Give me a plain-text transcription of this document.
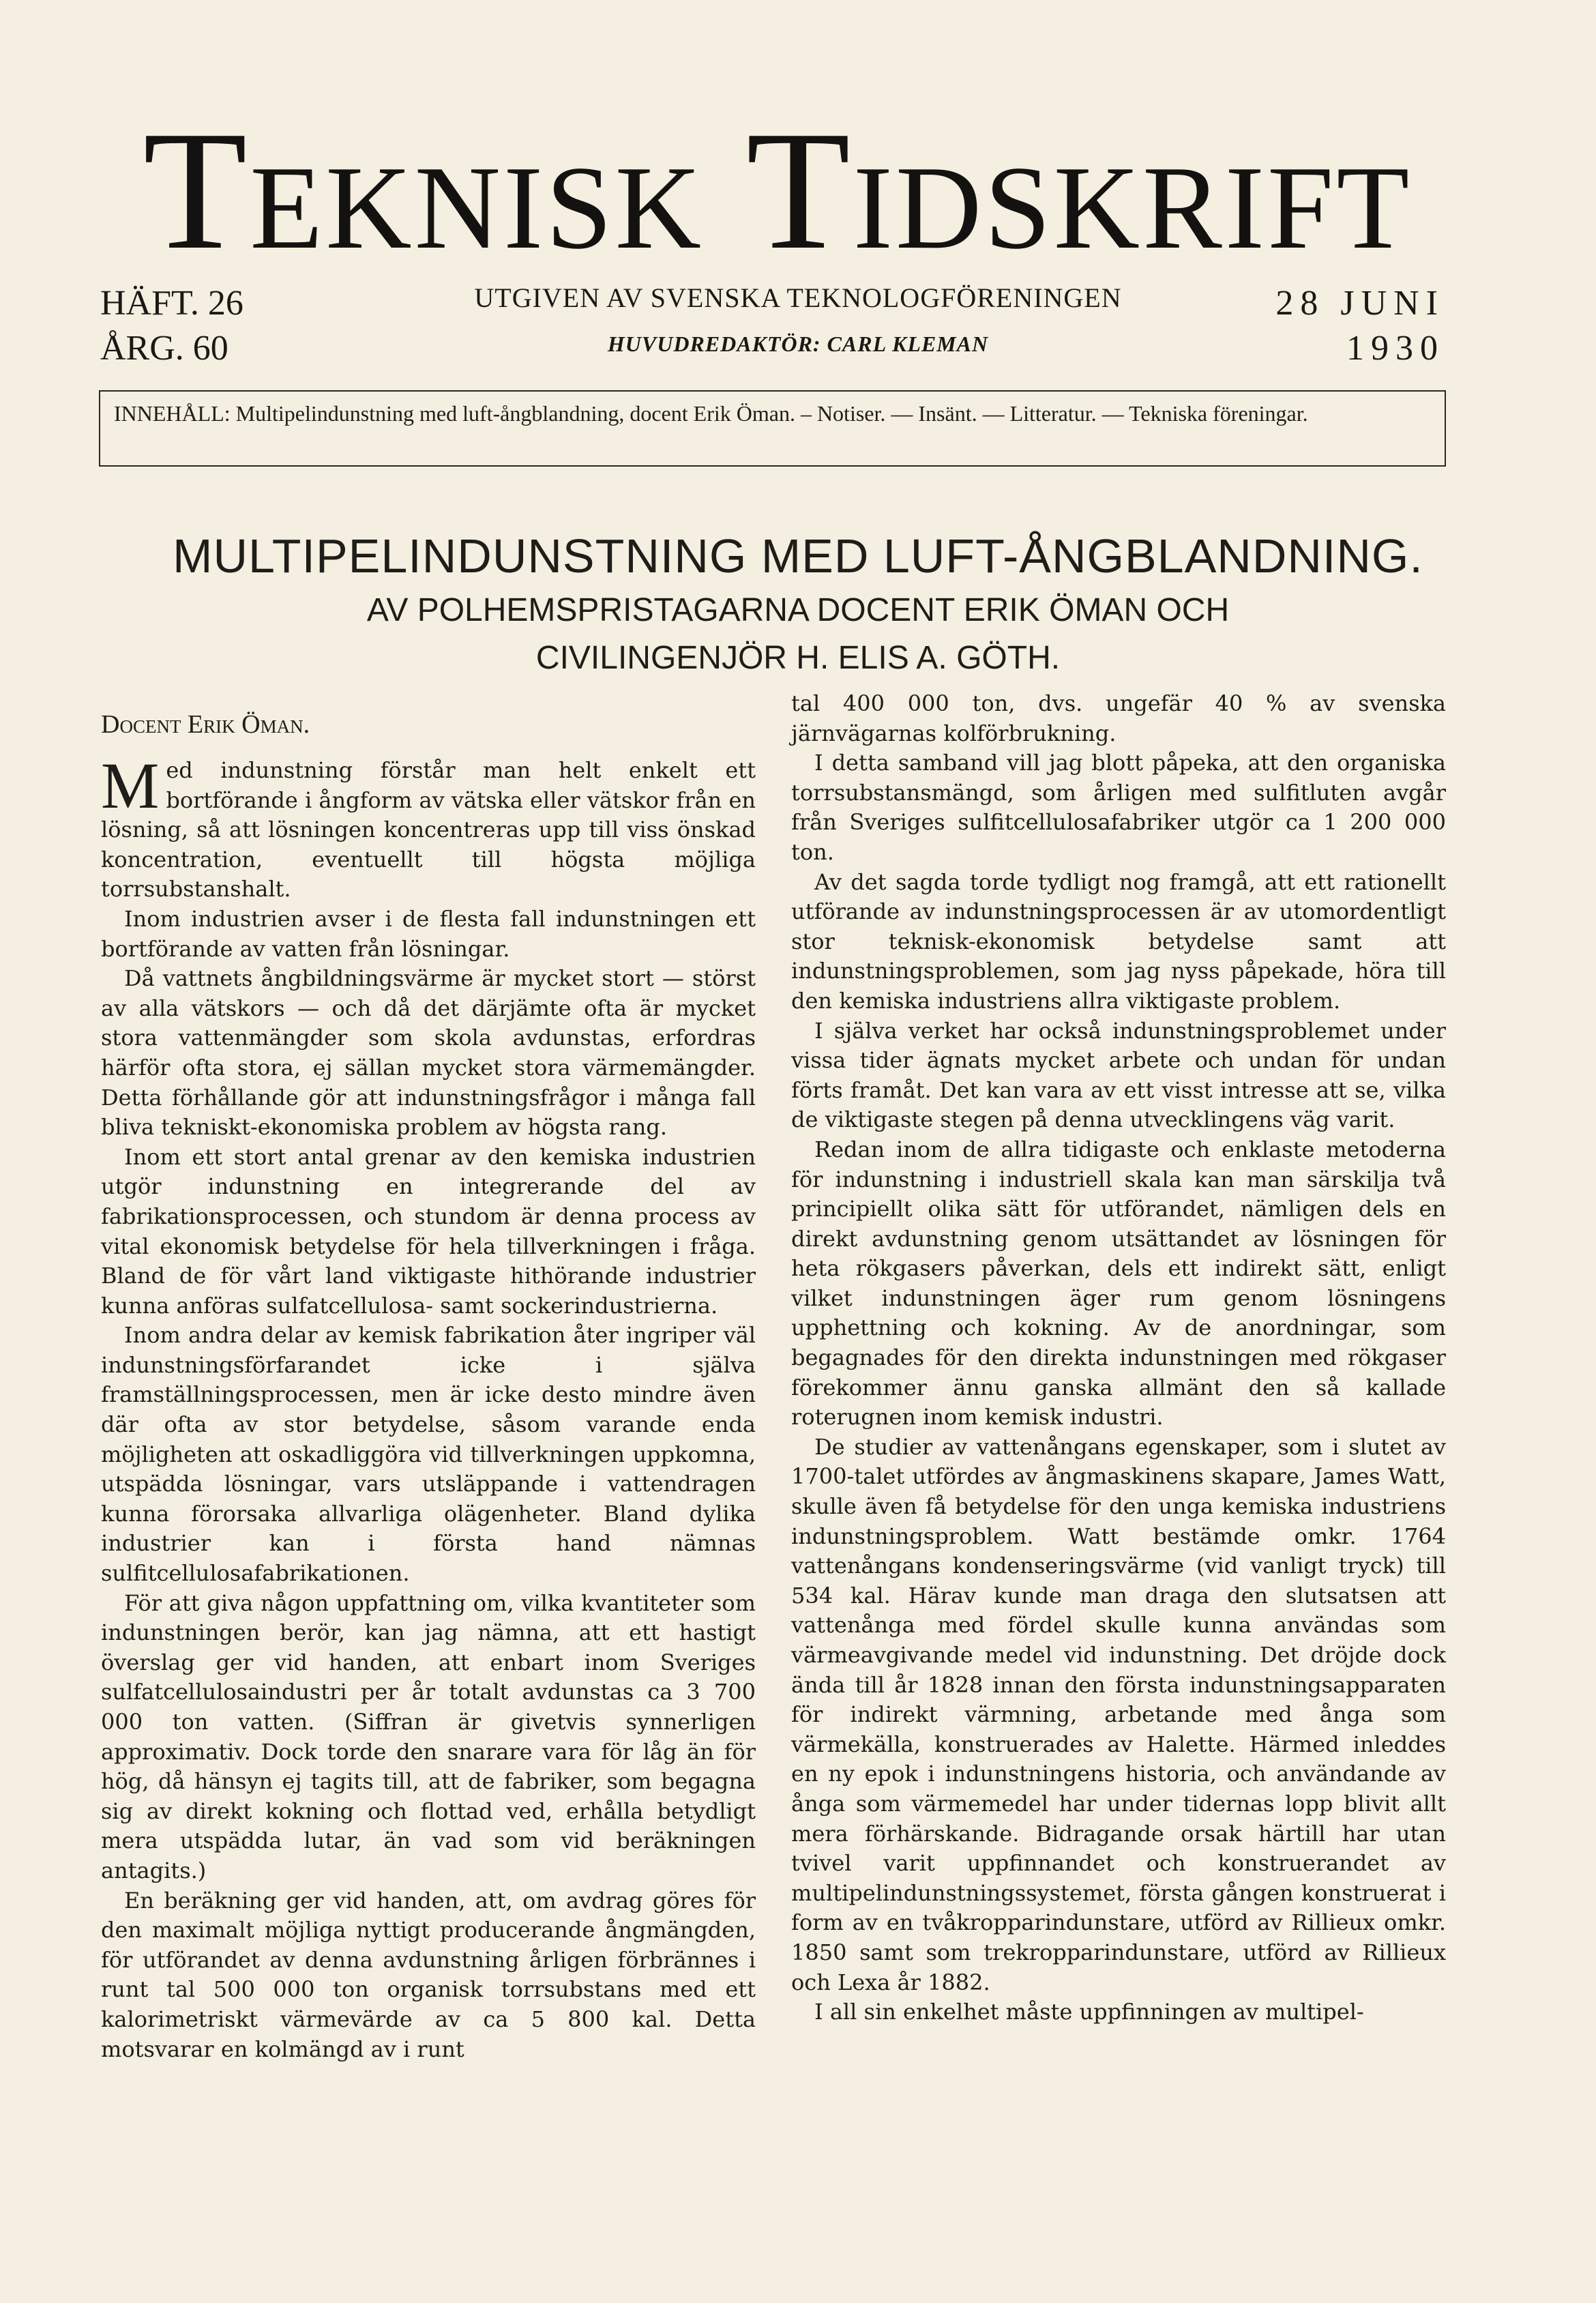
Teknisk Tidskrift
HÄFT. 26
ÅRG. 60
UTGIVEN AV SVENSKA TEKNOLOGFÖRENINGEN
HUVUDREDAKTÖR: CARL KLEMAN
28 JUNI
1930
INNEHÅLL: Multipelindunstning med luft-ångblandning, docent Erik Öman. – Notiser. — Insänt. — Litteratur. — Tekniska föreningar.
MULTIPELINDUNSTNING MED LUFT-ÅNGBLANDNING.
AV POLHEMSPRISTAGARNA DOCENT ERIK ÖMAN OCH
CIVILINGENJÖR H. ELIS A. GÖTH.
Docent Erik Öman.

Med indunstning förstår man helt enkelt ett bortförande i ångform av vätska eller vätskor från en lösning, så att lösningen koncentreras upp till viss önskad koncentration, eventuellt till högsta möjliga torrsubstanshalt.

Inom industrien avser i de flesta fall indunstningen ett bortförande av vatten från lösningar.

Då vattnets ångbildningsvärme är mycket stort — störst av alla vätskors — och då det därjämte ofta är mycket stora vattenmängder som skola avdunstas, erfordras härför ofta stora, ej sällan mycket stora värmemängder. Detta förhållande gör att indunstningsfrågor i många fall bliva tekniskt-ekonomiska problem av högsta rang.

Inom ett stort antal grenar av den kemiska industrien utgör indunstning en integrerande del av fabrikationsprocessen, och stundom är denna process av vital ekonomisk betydelse för hela tillverkningen i fråga. Bland de för vårt land viktigaste hithörande industrier kunna anföras sulfatcellulosa- samt sockerindustrierna.

Inom andra delar av kemisk fabrikation åter ingriper väl indunstningsförfarandet icke i själva framställningsprocessen, men är icke desto mindre även där ofta av stor betydelse, såsom varande enda möjligheten att oskadliggöra vid tillverkningen uppkomna, utspädda lösningar, vars utsläppande i vattendragen kunna förorsaka allvarliga olägenheter. Bland dylika industrier kan i första hand nämnas sulfitcellulosafabrikationen.

För att giva någon uppfattning om, vilka kvantiteter som indunstningen berör, kan jag nämna, att ett hastigt överslag ger vid handen, att enbart inom Sveriges sulfatcellulosaindustri per år totalt avdunstas ca 3 700 000 ton vatten. (Siffran är givetvis synnerligen approximativ. Dock torde den snarare vara för låg än för hög, då hänsyn ej tagits till, att de fabriker, som begagna sig av direkt kokning och flottad ved, erhålla betydligt mera utspädda lutar, än vad som vid beräkningen antagits.)

En beräkning ger vid handen, att, om avdrag göres för den maximalt möjliga nyttigt producerande ångmängden, för utförandet av denna avdunstning årligen förbrännes i runt tal 500 000 ton organisk torrsubstans med ett kalorimetriskt värmevärde av ca 5 800 kal. Detta motsvarar en kolmängd av i runt

tal 400 000 ton, dvs. ungefär 40 % av svenska järnvägarnas kolförbrukning.

I detta samband vill jag blott påpeka, att den organiska torrsubstansmängd, som årligen med sulfitluten avgår från Sveriges sulfitcellulosafabriker utgör ca 1 200 000 ton.

Av det sagda torde tydligt nog framgå, att ett rationellt utförande av indunstningsprocessen är av utomordentligt stor teknisk-ekonomisk betydelse samt att indunstningsproblemen, som jag nyss påpekade, höra till den kemiska industriens allra viktigaste problem.

I själva verket har också indunstningsproblemet under vissa tider ägnats mycket arbete och undan för undan förts framåt. Det kan vara av ett visst intresse att se, vilka de viktigaste stegen på denna utvecklingens väg varit.

Redan inom de allra tidigaste och enklaste metoderna för indunstning i industriell skala kan man särskilja två principiellt olika sätt för utförandet, nämligen dels en direkt avdunstning genom utsättandet av lösningen för heta rökgasers påverkan, dels ett indirekt sätt, enligt vilket indunstningen äger rum genom lösningens upphettning och kokning. Av de anordningar, som begagnades för den direkta indunstningen med rökgaser förekommer ännu ganska allmänt den så kallade roterugnen inom kemisk industri.

De studier av vattenångans egenskaper, som i slutet av 1700-talet utfördes av ångmaskinens skapare, James Watt, skulle även få betydelse för den unga kemiska industriens indunstningsproblem. Watt bestämde omkr. 1764 vattenångans kondenseringsvärme (vid vanligt tryck) till 534 kal. Härav kunde man draga den slutsatsen att vattenånga med fördel skulle kunna användas som värmeavgivande medel vid indunstning. Det dröjde dock ända till år 1828 innan den första indunstningsapparaten för indirekt värmning, arbetande med ånga som värmekälla, konstruerades av Halette. Härmed inleddes en ny epok i indunstningens historia, och användande av ånga som värmemedel har under tidernas lopp blivit allt mera förhärskande. Bidragande orsak härtill har utan tvivel varit uppfinnandet och konstruerandet av multipelindunstningssystemet, första gången konstruerat i form av en tvåkropparindunstare, utförd av Rillieux omkr. 1850 samt som trekropparindunstare, utförd av Rillieux och Lexa år 1882.

I all sin enkelhet måste uppfinningen av multipel-
